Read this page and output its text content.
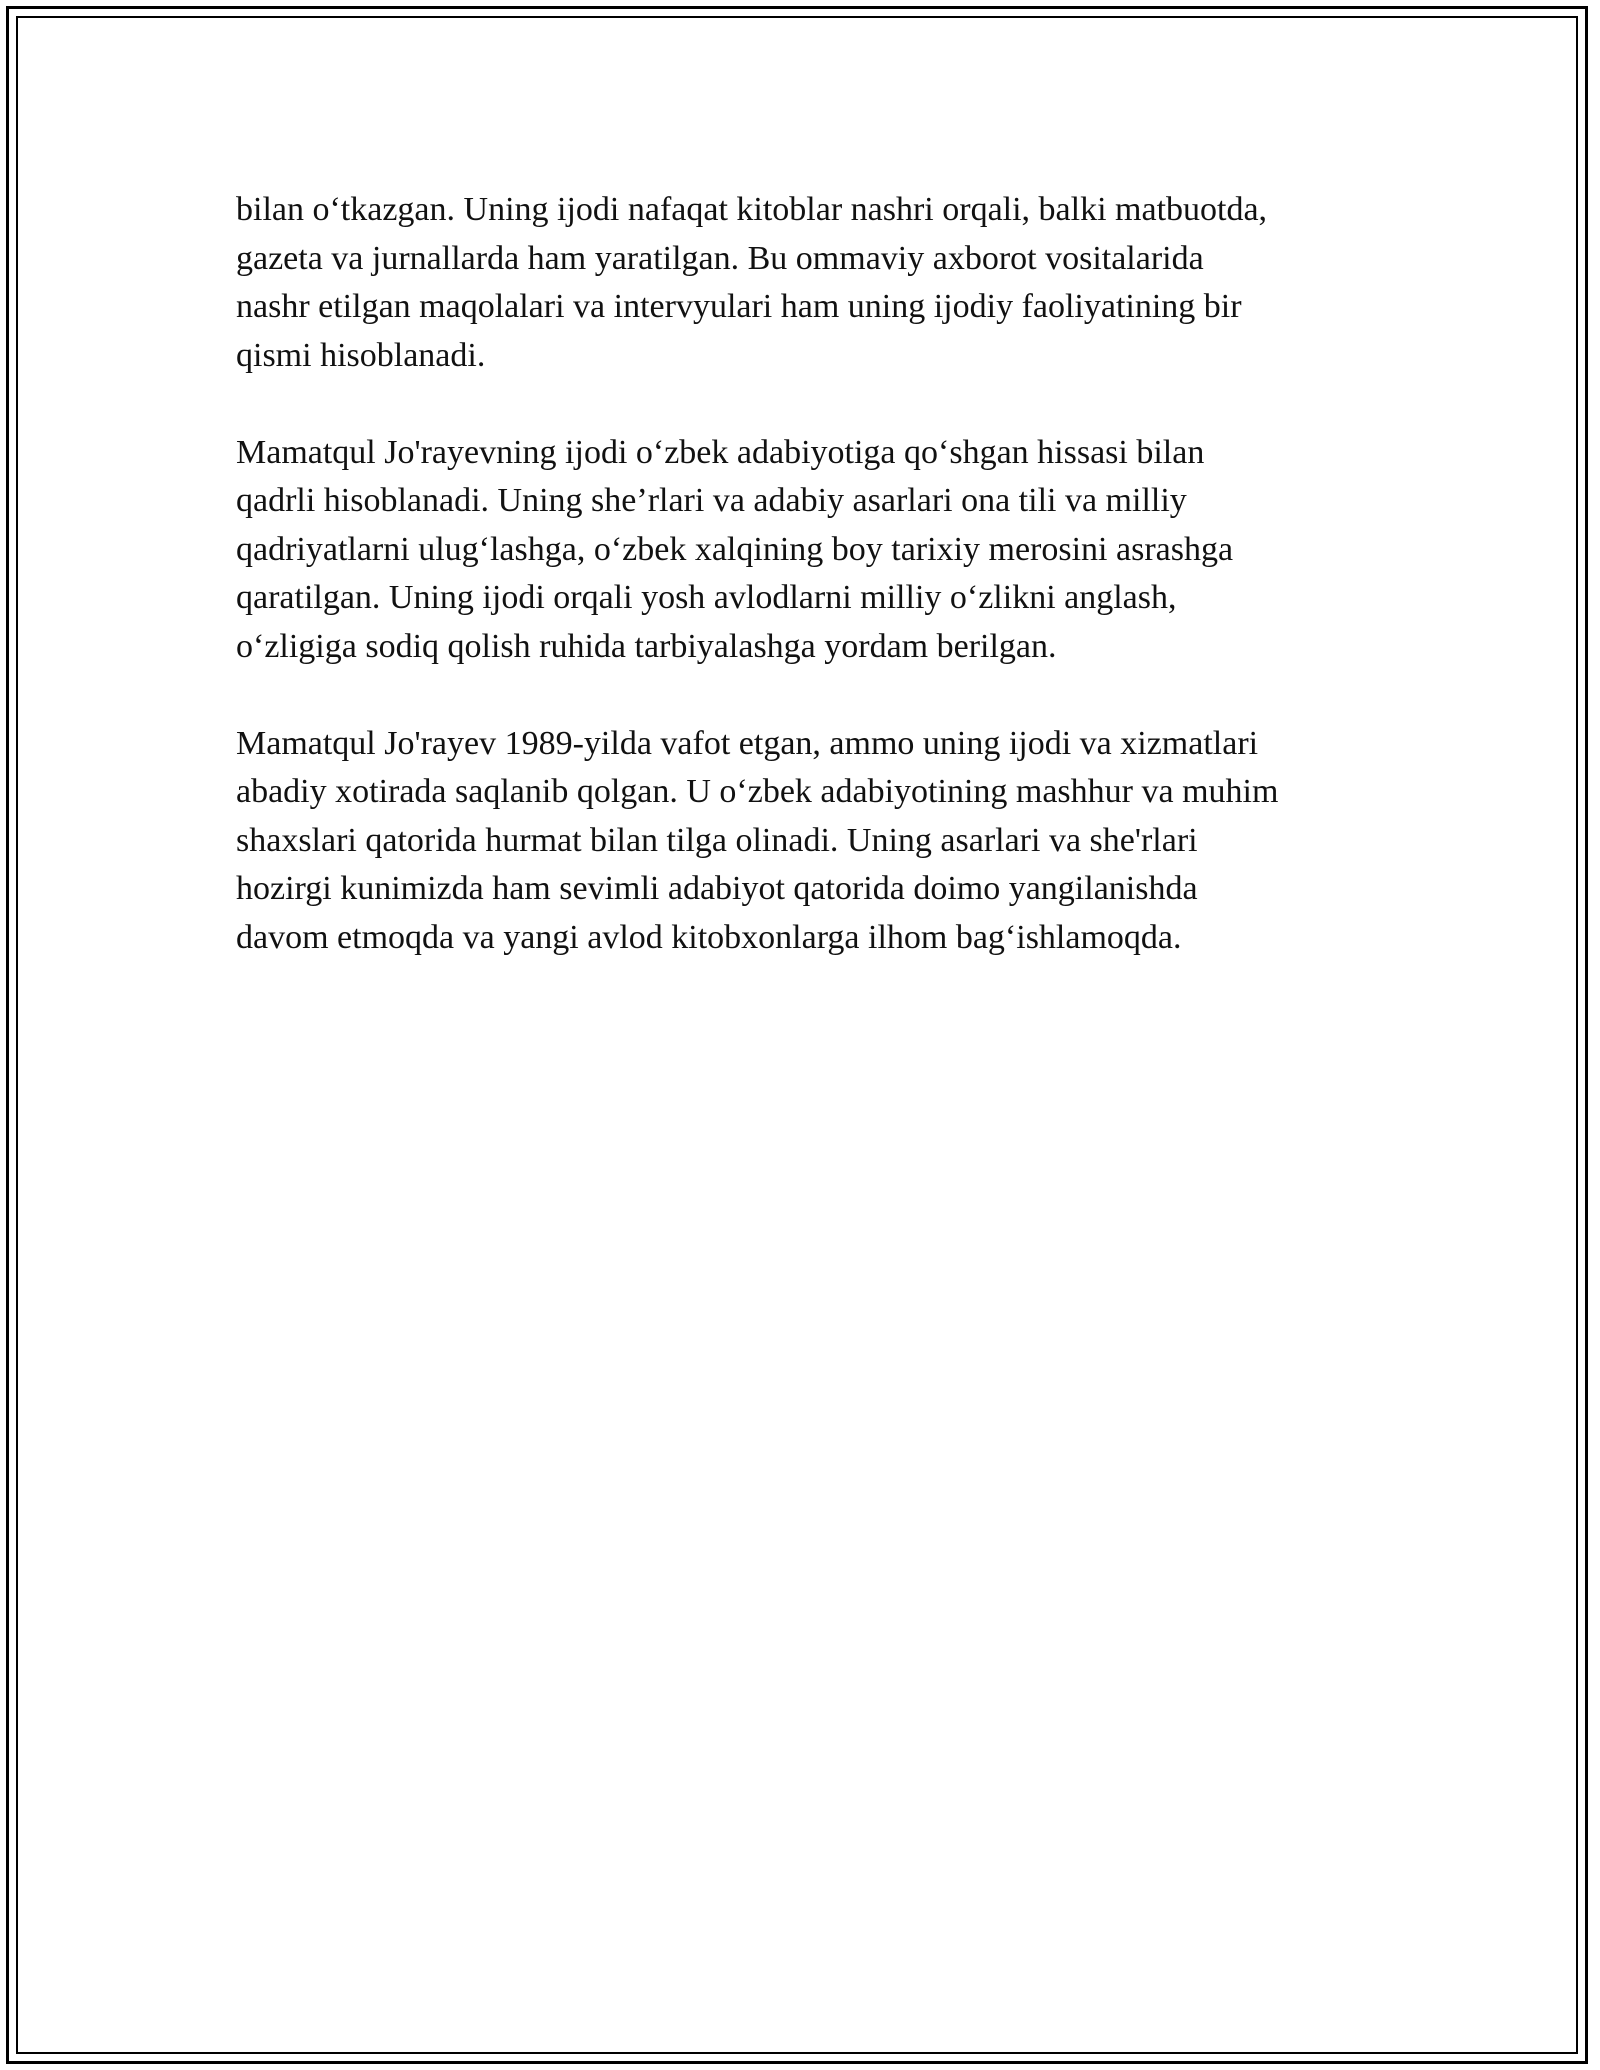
bilan o‘tkazgan. Uning ijodi nafaqat kitoblar nashri orqali, balki matbuotda,
gazeta va jurnallarda ham yaratilgan. Bu ommaviy axborot vositalarida
nashr etilgan maqolalari va intervyulari ham uning ijodiy faoliyatining bir
qismi hisoblanadi.

Mamatqul Jo'rayevning ijodi o‘zbek adabiyotiga qo‘shgan hissasi bilan
qadrli hisoblanadi. Uning she’rlari va adabiy asarlari ona tili va milliy
qadriyatlarni ulug‘lashga, o‘zbek xalqining boy tarixiy merosini asrashga
qaratilgan. Uning ijodi orqali yosh avlodlarni milliy o‘zlikni anglash,
o‘zligiga sodiq qolish ruhida tarbiyalashga yordam berilgan.

Mamatqul Jo'rayev 1989-yilda vafot etgan, ammo uning ijodi va xizmatlari
abadiy xotirada saqlanib qolgan. U o‘zbek adabiyotining mashhur va muhim
shaxslari qatorida hurmat bilan tilga olinadi. Uning asarlari va she'rlari
hozirgi kunimizda ham sevimli adabiyot qatorida doimo yangilanishda
davom etmoqda va yangi avlod kitobxonlarga ilhom bag‘ishlamoqda.
